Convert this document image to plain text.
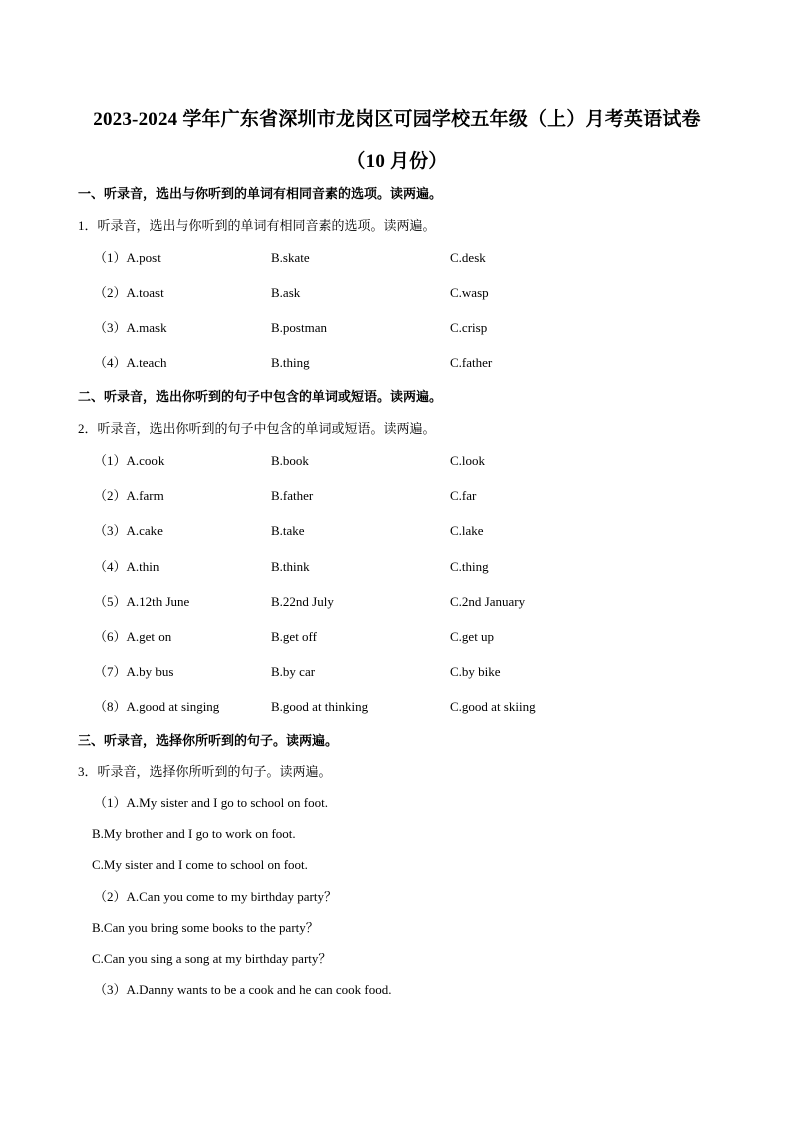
2023-2024 学年广东省深圳市龙岗区可园学校五年级（上）月考英语试卷
（10 月份）
一、听录音，选出与你听到的单词有相同音素的选项。读两遍。
1．听录音，选出与你听到的单词有相同音素的选项。读两遍。
（1）A.post	B.skate	C.desk
（2）A.toast	B.ask	C.wasp
（3）A.mask	B.postman	C.crisp
（4）A.teach	B.thing	C.father
二、听录音，选出你听到的句子中包含的单词或短语。读两遍。
2．听录音，选出你听到的句子中包含的单词或短语。读两遍。
（1）A.cook	B.book	C.look
（2）A.farm	B.father	C.far
（3）A.cake	B.take	C.lake
（4）A.thin	B.think	C.thing
（5）A.12th June	B.22nd July	C.2nd January
（6）A.get on	B.get off	C.get up
（7）A.by bus	B.by car	C.by bike
（8）A.good at singing	B.good at thinking	C.good at skiing
三、听录音，选择你所听到的句子。读两遍。
3．听录音，选择你所听到的句子。读两遍。
（1）A.My sister and I go to school on foot.
B.My brother and I go to work on foot.
C.My sister and I come to school on foot.
（2）A.Can you come to my birthday party？
B.Can you bring some books to the party？
C.Can you sing a song at my birthday party？
（3）A.Danny wants to be a cook and he can cook food.
